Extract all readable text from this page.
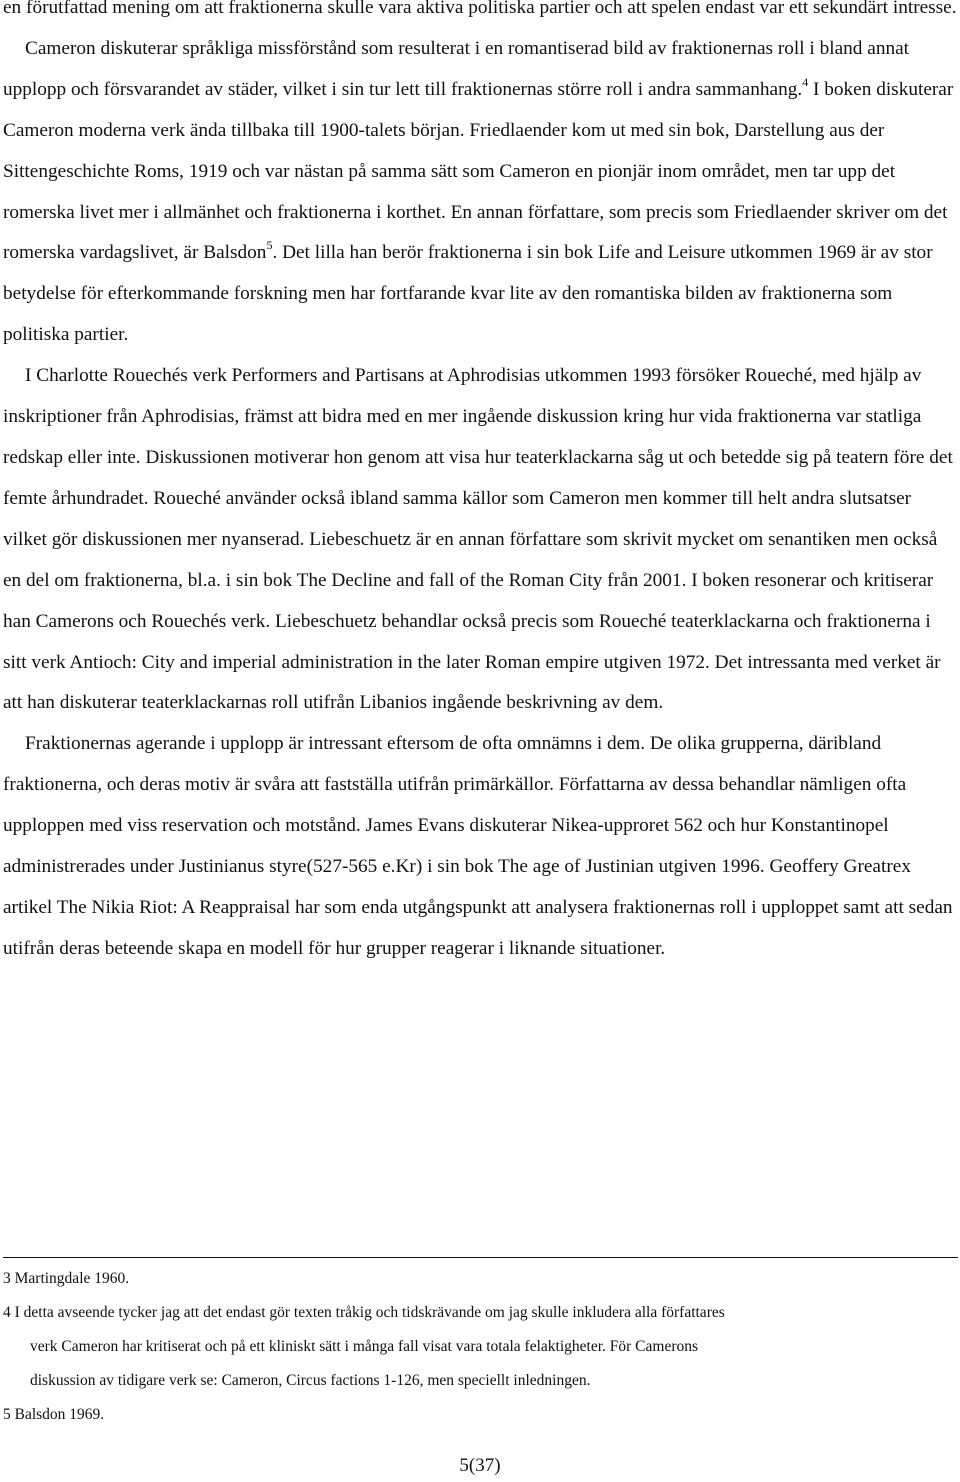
en förutfattad mening om att fraktionerna skulle vara aktiva politiska partier och att spelen endast var ett sekundärt intresse.

Cameron diskuterar språkliga missförstånd som resulterat i en romantiserad bild av fraktionernas roll i bland annat upplopp och försvarandet av städer, vilket i sin tur lett till fraktionernas större roll i andra sammanhang.$^4$ I boken diskuterar Cameron moderna verk ända tillbaka till 1900-talets början. Friedlaender kom ut med sin bok, Darstellung aus der Sittengeschichte Roms, 1919 och var nästan på samma sätt som Cameron en pionjär inom området, men tar upp det romerska livet mer i allmänhet och fraktionerna i korthet. En annan författare, som precis som Friedlaender skriver om det romerska vardagslivet, är Balsdon$^5$. Det lilla han berör fraktionerna i sin bok Life and Leisure utkommen 1969 är av stor betydelse för efterkommande forskning men har fortfarande kvar lite av den romantiska bilden av fraktionerna som politiska partier.

I Charlotte Rouechés verk Performers and Partisans at Aphrodisias utkommen 1993 försöker Roueché, med hjälp av inskriptioner från Aphrodisias, främst att bidra med en mer ingående diskussion kring hur vida fraktionerna var statliga redskap eller inte. Diskussionen motiverar hon genom att visa hur teaterklackarna såg ut och betedde sig på teatern före det femte århundradet. Roueché använder också ibland samma källor som Cameron men kommer till helt andra slutsatser vilket gör diskussionen mer nyanserad. Liebeschuetz är en annan författare som skrivit mycket om senantiken men också en del om fraktionerna, bl.a. i sin bok The Decline and fall of the Roman City från 2001. I boken resonerar och kritiserar han Camerons och Rouechés verk. Liebeschuetz behandlar också precis som Roueché teaterklackarna och fraktionerna i sitt verk Antioch: City and imperial administration in the later Roman empire utgiven 1972. Det intressanta med verket är att han diskuterar teaterklackarnas roll utifrån Libanios ingående beskrivning av dem.

Fraktionernas agerande i upplopp är intressant eftersom de ofta omnämns i dem. De olika grupperna, däribland fraktionerna, och deras motiv är svåra att fastställa utifrån primärkällor. Författarna av dessa behandlar nämligen ofta upploppen med viss reservation och motstånd. James Evans diskuterar Nikea-upproret 562 och hur Konstantinopel administrerades under Justinianus styre(527-565 e.Kr) i sin bok The age of Justinian utgiven 1996. Geoffery Greatrex artikel The Nikia Riot: A Reappraisal har som enda utgångspunkt att analysera fraktionernas roll i upploppet samt att sedan utifrån deras beteende skapa en modell för hur grupper reagerar i liknande situationer.

3 Martingdale 1960.

4 I detta avseende tycker jag att det endast gör texten tråkig och tidskrävande om jag skulle inkludera alla författares

verk Cameron har kritiserat och på ett kliniskt sätt i många fall visat vara totala felaktigheter. För Camerons

diskussion av tidigare verk se: Cameron, Circus factions 1-126, men speciellt inledningen.

5 Balsdon 1969.

5(37)
